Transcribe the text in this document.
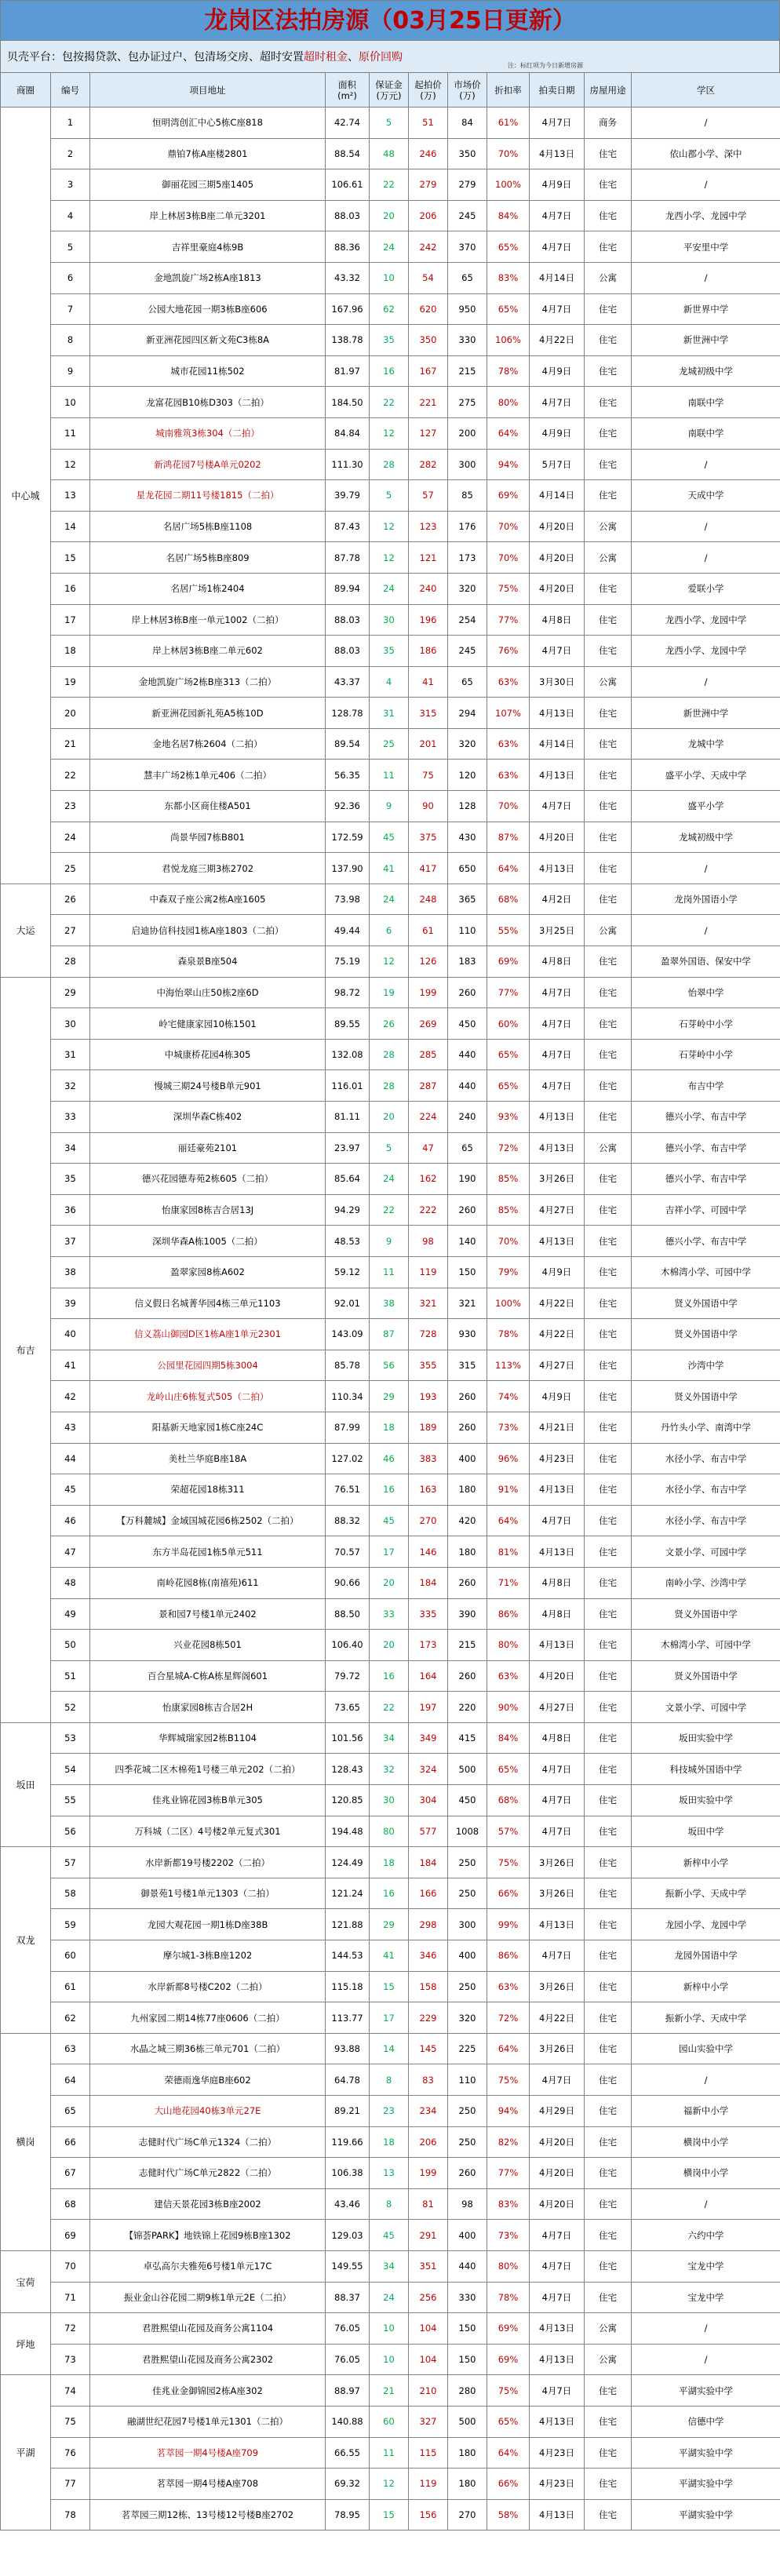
龙岗区法拍房源（03月25日更新）
贝壳平台：包按揭贷款、包办证过户、包清场交房、超时安置 超时租金 、 原价回购
注：标红项为今日新增房源
商圈	编号	项目地址	面积 (m²)	保证金 (万元)	起拍价 (万)	市场价 (万)	折扣率	拍卖日期	房屋用途	学区
中心城	1	恒明湾创汇中心5栋C座818	42.74	5	51	84	61%	4月7日	商务	/
	2	鼎铂7栋A座楼2801	88.54	48	246	350	70%	4月13日	住宅	依山郡小学、深中
	3	御丽花园三期5座1405	106.61	22	279	279	100%	4月9日	住宅	/
	4	岸上林居3栋B座二单元3201	88.03	20	206	245	84%	4月7日	住宅	龙西小学、龙园中学
	5	吉祥里豪庭4栋9B	88.36	24	242	370	65%	4月7日	住宅	平安里中学
	6	金地凯旋广场2栋A座1813	43.32	10	54	65	83%	4月14日	公寓	/
	7	公园大地花园一期3栋B座606	167.96	62	620	950	65%	4月7日	住宅	新世界中学
	8	新亚洲花园四区新文苑C3栋8A	138.78	35	350	330	106%	4月22日	住宅	新世洲中学
	9	城市花园11栋502	81.97	16	167	215	78%	4月9日	住宅	龙城初级中学
	10	龙富花园B10栋D303（二拍）	184.50	22	221	275	80%	4月7日	住宅	南联中学
	11	城南雅筑3栋304（二拍）	84.84	12	127	200	64%	4月9日	住宅	南联中学
	12	新鸿花园7号楼A单元0202	111.30	28	282	300	94%	5月7日	住宅	/
	13	星龙花园二期11号楼1815（二拍）	39.79	5	57	85	69%	4月14日	住宅	天成中学
	14	名居广场5栋B座1108	87.43	12	123	176	70%	4月20日	公寓	/
	15	名居广场5栋B座809	87.78	12	121	173	70%	4月20日	公寓	/
	16	名居广场1栋2404	89.94	24	240	320	75%	4月20日	住宅	爱联小学
	17	岸上林居3栋B座一单元1002（二拍）	88.03	30	196	254	77%	4月8日	住宅	龙西小学、龙园中学
	18	岸上林居3栋B座二单元602	88.03	35	186	245	76%	4月7日	住宅	龙西小学、龙园中学
	19	金地凯旋广场2栋B座313（二拍）	43.37	4	41	65	63%	3月30日	公寓	/
	20	新亚洲花园新礼苑A5栋10D	128.78	31	315	294	107%	4月13日	住宅	新世洲中学
	21	金地名居7栋2604（二拍）	89.54	25	201	320	63%	4月14日	住宅	龙城中学
	22	慧丰广场2栋1单元406（二拍）	56.35	11	75	120	63%	4月13日	住宅	盛平小学、天成中学
	23	东都小区商住楼A501	92.36	9	90	128	70%	4月7日	住宅	盛平小学
	24	尚景华园7栋B801	172.59	45	375	430	87%	4月20日	住宅	龙城初级中学
	25	君悦龙庭三期3栋2702	137.90	41	417	650	64%	4月13日	住宅	/
大运	26	中森双子座公寓2栋A座1605	73.98	24	248	365	68%	4月2日	住宅	龙岗外国语小学
	27	启迪协信科技园1栋A座1803（二拍）	49.44	6	61	110	55%	3月25日	公寓	/
	28	森泉景B座504	75.19	12	126	183	69%	4月8日	住宅	盈翠外国语、保安中学
布吉	29	中海怡翠山庄50栋2座6D	98.72	19	199	260	77%	4月7日	住宅	怡翠中学
	30	岭宅健康家园10栋1501	89.55	26	269	450	60%	4月7日	住宅	石芽岭中小学
	31	中城康桥花园4栋305	132.08	28	285	440	65%	4月7日	住宅	石芽岭中小学
	32	慢城三期24号楼B单元901	116.01	28	287	440	65%	4月7日	住宅	布吉中学
	33	深圳华森C栋402	81.11	20	224	240	93%	4月13日	住宅	德兴小学、布吉中学
	34	丽廷豪苑2101	23.97	5	47	65	72%	4月13日	公寓	德兴小学、布吉中学
	35	德兴花园德寿苑2栋605（二拍）	85.64	24	162	190	85%	3月26日	住宅	德兴小学、布吉中学
	36	怡康家园8栋吉合居13J	94.29	22	222	260	85%	4月27日	住宅	吉祥小学、可园中学
	37	深圳华森A栋1005（二拍）	48.53	9	98	140	70%	4月13日	住宅	德兴小学、布吉中学
	38	盈翠家园8栋A602	59.12	11	119	150	79%	4月9日	住宅	木棉湾小学、可园中学
	39	信义假日名城菁华园4栋三单元1103	92.01	38	321	321	100%	4月22日	住宅	贤义外国语中学
	40	信义荔山御园D区1栋A座1单元2301	143.09	87	728	930	78%	4月22日	住宅	贤义外国语中学
	41	公园里花园四期5栋3004	85.78	56	355	315	113%	4月27日	住宅	沙湾中学
	42	龙岭山庄6栋复式505（二拍）	110.34	29	193	260	74%	4月9日	住宅	贤义外国语中学
	43	阳基新天地家园1栋C座24C	87.99	18	189	260	73%	4月21日	住宅	丹竹头小学、南湾中学
	44	美杜兰华庭B座18A	127.02	46	383	400	96%	4月23日	住宅	水径小学、布吉中学
	45	荣超花园18栋311	76.51	16	163	180	91%	4月13日	住宅	水径小学、布吉中学
	46	【万科麓城】金域国城花园6栋2502（二拍）	88.32	45	270	420	64%	4月7日	住宅	水径小学、布吉中学
	47	东方半岛花园1栋5单元511	70.57	17	146	180	81%	4月13日	住宅	文景小学、可园中学
	48	南岭花园8栋(南禧苑)611	90.66	20	184	260	71%	4月8日	住宅	南岭小学、沙湾中学
	49	景和园7号楼1单元2402	88.50	33	335	390	86%	4月8日	住宅	贤义外国语中学
	50	兴业花园8栋501	106.40	20	173	215	80%	4月13日	住宅	木棉湾小学、可园中学
	51	百合星城A-C栋A栋星辉阁601	79.72	16	164	260	63%	4月20日	住宅	贤义外国语中学
	52	怡康家园8栋吉合居2H	73.65	22	197	220	90%	4月27日	住宅	文景小学、可园中学
坂田	53	华辉城瑞家园2栋B1104	101.56	34	349	415	84%	4月8日	住宅	坂田实验中学
	54	四季花城二区木棉苑1号楼三单元202（二拍）	128.43	32	324	500	65%	4月7日	住宅	科技城外国语中学
	55	佳兆业锦花园3栋B单元305	120.85	30	304	450	68%	4月7日	住宅	坂田实验中学
	56	万科城（二区）4号楼2单元复式301	194.48	80	577	1008	57%	4月7日	住宅	坂田中学
双龙	57	水岸新都19号楼2202（二拍）	124.49	18	184	250	75%	3月26日	住宅	新梓中小学
	58	御景苑1号楼1单元1303（二拍）	121.24	16	166	250	66%	3月26日	住宅	振新小学、天成中学
	59	龙园大观花园一期1栋D座38B	121.88	29	298	300	99%	4月13日	住宅	龙园小学、龙园中学
	60	摩尔城1-3栋B座1202	144.53	41	346	400	86%	4月7日	住宅	龙园外国语中学
	61	水岸新都8号楼C202（二拍）	115.18	15	158	250	63%	3月26日	住宅	新梓中小学
	62	九州家园二期14栋77座0606（二拍）	113.77	17	229	320	72%	4月22日	住宅	振新小学、天成中学
横岗	63	水晶之城三期36栋三单元701（二拍）	93.88	14	145	225	64%	3月26日	住宅	园山实验中学
	64	荣德雨逸华庭B座602	64.78	8	83	110	75%	4月7日	住宅	/
	65	大山地花园40栋3单元27E	89.21	23	234	250	94%	4月29日	住宅	福新中小学
	66	志健时代广场C单元1324（二拍）	119.66	18	206	250	82%	4月20日	住宅	横岗中小学
	67	志健时代广场C单元2822（二拍）	106.38	13	199	260	77%	4月20日	住宅	横岗中小学
	68	建信天景花园3栋B座2002	43.46	8	81	98	83%	4月20日	住宅	/
	69	【锦荟PARK】地铁锦上花园9栋B座1302	129.03	45	291	400	73%	4月7日	住宅	六约中学
宝荷	70	卓弘高尔夫雅苑6号楼1单元17C	149.55	34	351	440	80%	4月7日	住宅	宝龙中学
	71	振业金山谷花园二期9栋1单元2E（二拍）	88.37	24	256	330	78%	4月7日	住宅	宝龙中学
坪地	72	君胜熙望山花园及商务公寓1104	76.05	10	104	150	69%	4月13日	公寓	/
	73	君胜熙望山花园及商务公寓2302	76.05	10	104	150	69%	4月13日	公寓	/
平湖	74	佳兆业金御锦园2栋A座302	88.97	21	210	280	75%	4月7日	住宅	平湖实验中学
	75	融湖世纪花园7号楼1单元1301（二拍）	140.88	60	327	500	65%	4月13日	住宅	信德中学
	76	茗萃园一期4号楼A座709	66.55	11	115	180	64%	4月23日	住宅	平湖实验中学
	77	茗萃园一期4号楼A座708	69.32	12	119	180	66%	4月23日	住宅	平湖实验中学
	78	茗萃园三期12栋、13号楼12号楼B座2702	78.95	15	156	270	58%	4月13日	住宅	平湖实验中学
